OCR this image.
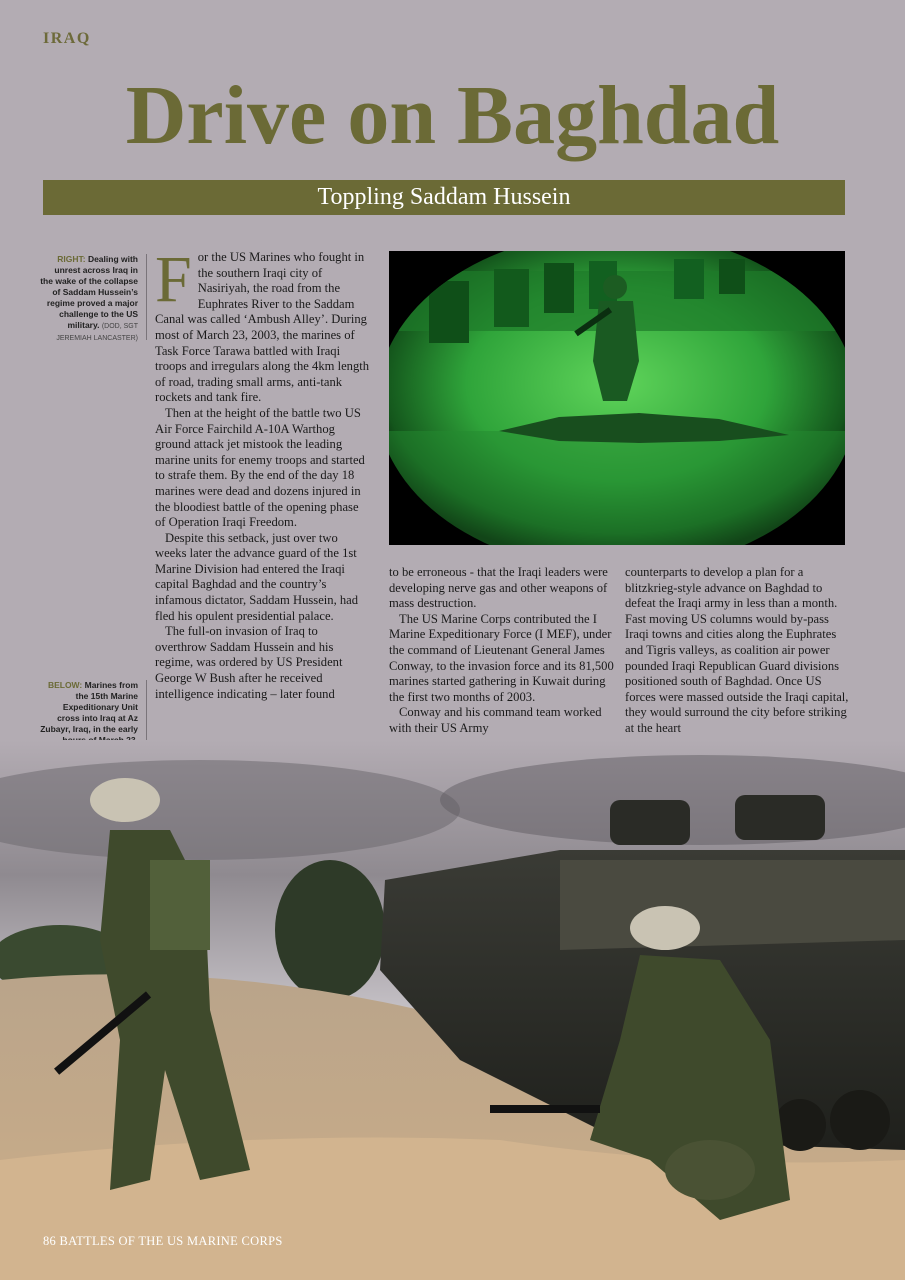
IRAQ
Drive on Baghdad
Toppling Saddam Hussein
RIGHT: Dealing with unrest across Iraq in the wake of the collapse of Saddam Hussein’s regime proved a major challenge to the US military. (DOD, SGT JEREMIAH LANCASTER)
BELOW: Marines from the 15th Marine Expeditionary Unit cross into Iraq at Az Zubayr, Iraq, in the early

For the US Marines who fought in the southern Iraqi city of Nasiriyah, the road from the Euphrates River to the Saddam Canal was called ‘Ambush Alley’. During most of March 23, 2003, the marines of Task Force Tarawa battled with Iraqi troops and irregulars along the 4km length of road, trading small arms, anti-tank rockets and tank fire.

Then at the height of the battle two US Air Force Fairchild A-10A Warthog ground attack jet mistook the leading marine units for enemy troops and started to strafe them. By the end of the day 18 marines were dead and dozens injured in the bloodiest battle of the opening phase of Operation Iraqi Freedom.

Despite this setback, just over two weeks later the advance guard of the 1st Marine Division had entered the Iraqi capital Baghdad and the country’s infamous dictator, Saddam Hussein, had fled his opulent presidential palace.

The full-on invasion of Iraq to overthrow Saddam Hussein and his regime, was ordered by US President George W Bush after he received intelligence indicating – later found

to be erroneous - that the Iraqi leaders were developing nerve gas and other weapons of mass destruction.

The US Marine Corps contributed the I Marine Expeditionary Force (I MEF), under the command of Lieutenant General James Conway, to the invasion force and its 81,500 marines started gathering in Kuwait during the first two months of 2003.

Conway and his command team worked with their US Army

counterparts to develop a plan for a blitzkrieg-style advance on Baghdad to defeat the Iraqi army in less than a month. Fast moving US columns would by-pass Iraqi towns and cities along the Euphrates and Tigris valleys, as coalition air power pounded Iraqi Republican Guard divisions positioned south of Baghdad. Once US forces were massed outside the Iraqi capital, they would surround the city before striking at the heart

86 BATTLES OF THE US MARINE CORPS
